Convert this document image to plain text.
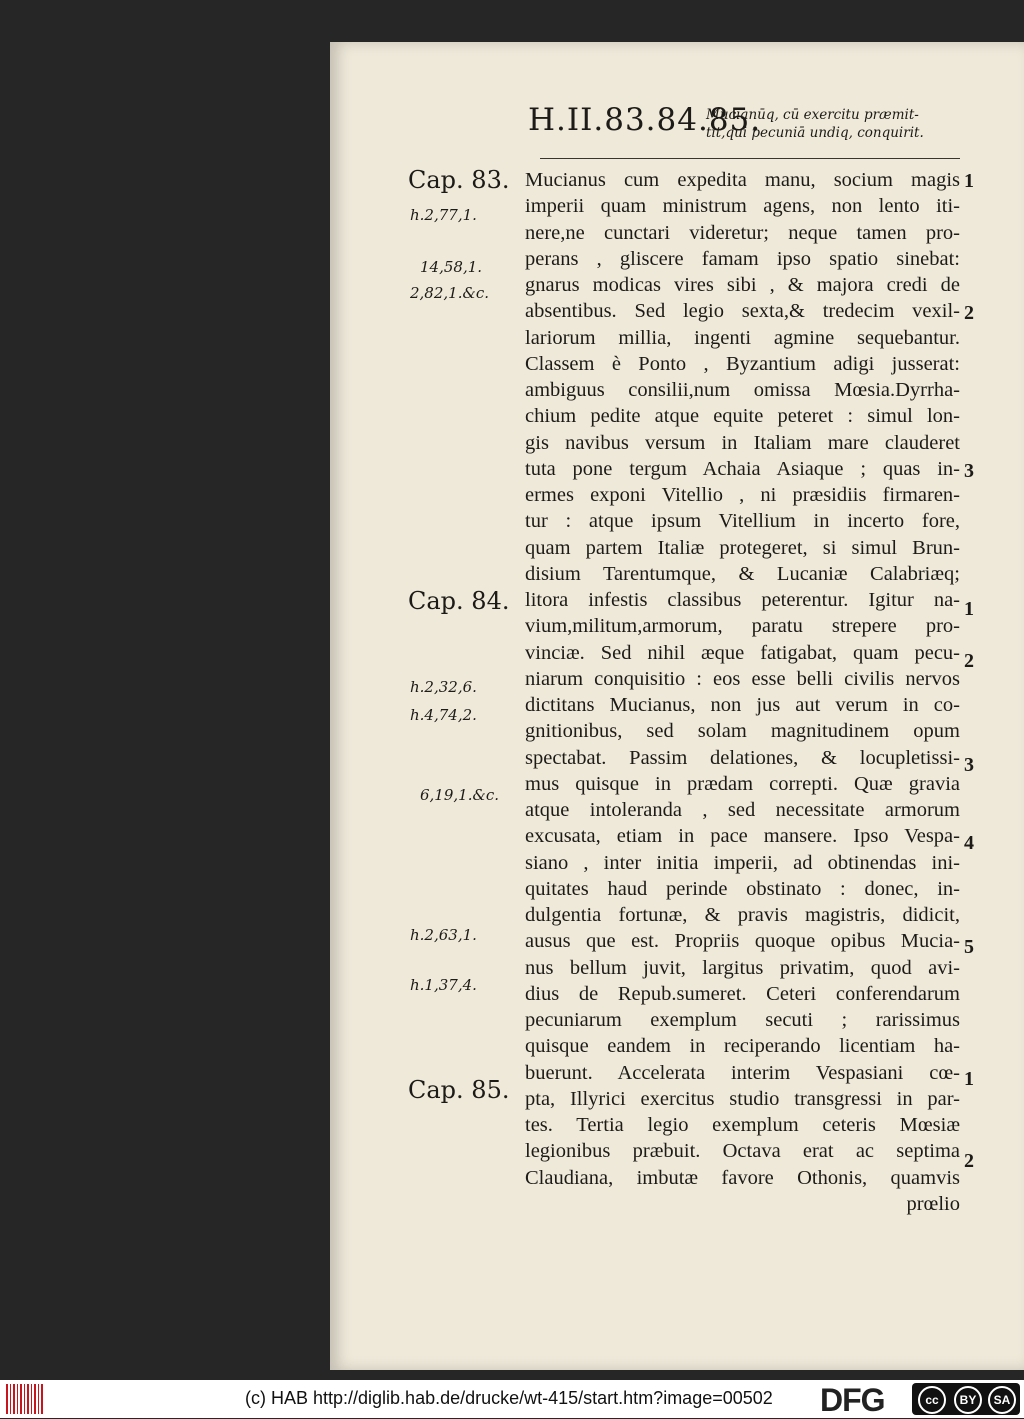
H.II.83.84.85.
Mucianūq, cū exercitu præmit-
tit,qui pecuniā undiq, conquirit.
Mucianus cum expedita manu, socium magis
imperii quam ministrum agens, non lento iti-
nere,ne cunctari videretur; neque tamen pro-
perans , gliscere famam ipso spatio sinebat:
gnarus modicas vires sibi , & majora credi de
absentibus. Sed legio sexta,& tredecim vexil-
lariorum millia, ingenti agmine sequebantur.
Classem è Ponto , Byzantium adigi jusserat:
ambiguus consilii,num omissa Mœsia.Dyrrha-
chium pedite atque equite peteret : simul lon-
gis navibus versum in Italiam mare clauderet
tuta pone tergum Achaia Asiaque ; quas in-
ermes exponi Vitellio , ni præsidiis firmaren-
tur : atque ipsum Vitellium in incerto fore,
quam partem Italiæ protegeret, si simul Brun-
disium Tarentumque, & Lucaniæ Calabriæq;
litora infestis classibus peterentur. Igitur na-
vium,militum,armorum, paratu strepere pro-
vinciæ. Sed nihil æque fatigabat, quam pecu-
niarum conquisitio : eos esse belli civilis nervos
dictitans Mucianus, non jus aut verum in co-
gnitionibus, sed solam magnitudinem opum
spectabat. Passim delationes, & locupletissi-
mus quisque in prædam correpti. Quæ gravia
atque intoleranda , sed necessitate armorum
excusata, etiam in pace mansere. Ipso Vespa-
siano , inter initia imperii, ad obtinendas ini-
quitates haud perinde obstinato : donec, in-
dulgentia fortunæ, & pravis magistris, didicit,
ausus que est. Propriis quoque opibus Mucia-
nus bellum juvit, largitus privatim, quod avi-
dius de Repub.sumeret. Ceteri conferendarum
pecuniarum exemplum secuti ; rarissimus
quisque eandem in reciperando licentiam ha-
buerunt. Accelerata interim Vespasiani cœ-
pta, Illyrici exercitus studio transgressi in par-
tes. Tertia legio exemplum ceteris Mœsiæ
legionibus præbuit. Octava erat ac septima
Claudiana, imbutæ favore Othonis, quamvis
prœlio
Cap. 83.
Cap. 84.
Cap. 85.
h.2,77,1.
14,58,1.
2,82,1.&c.
h.2,32,6.
h.4,74,2.
6,19,1.&c.
h.2,63,1.
h.1,37,4.
1
2
3
1
2
3
4
5
1
2
(c) HAB http://diglib.hab.de/drucke/wt-415/start.htm?image=00502 DFG	cc	BY	SA
